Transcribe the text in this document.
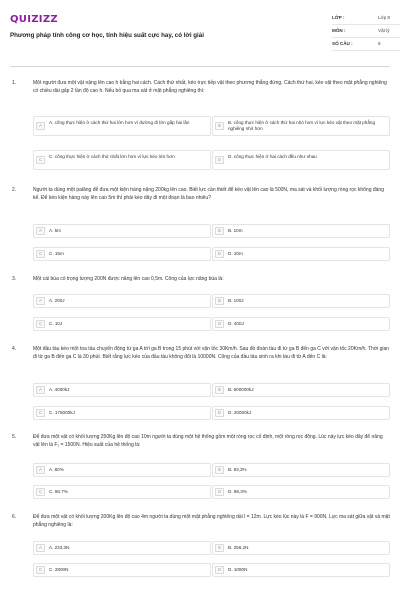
QUIZIZZ
Phương pháp tính công cơ học, tính hiệu suất cực hay, có lời giải
LỚP :	Lớp 8
MÔN :	Vật lý
SỐ CÂU :	6
1.	Một người đưa một vật nặng lên cao h bằng hai cách. Cách thứ nhất, kéo trực tiếp vật theo phương thẳng đứng. Cách thứ hai, kéo vật theo mặt phẳng nghiêng có chiều dài gấp 2 lần độ cao h. Nếu bỏ qua ma sát ở mặt phẳng nghiêng thì:
A
A. công thực hiện ở cách thứ hai lớn hơn vì đường đi lớn gấp hai lần
B
B. công thực hiện ở cách thứ hai nhỏ hơn vì lực kéo vật theo mặt phẳng nghiêng nhỏ hơn
C
C. công thực hiện ở cách thứ nhất lớn hơn vì lực kéo lớn hơn
D
D. công thực hiện ở hai cách đều như nhau
2.	Người ta dùng một palăng để đưa một kiện hàng nặng 200kg lên cao. Biết lực cần thiết để kéo vật lên cao là 500N, ma sát và khối lượng ròng rọc không đáng kể. Để kéo kiện hàng này lên cao 5m thì phải kéo dây đi một đoạn là bao nhiêu?
A	A. 5m	B	B. 10m
C	C. 15m	D	D. 20m
3.	Một cái búa có trọng lượng 200N được nâng lên cao 0,5m. Công của lực nâng búa là:
A	A. 200J	B	B. 100J
C	C. 10J	D	D. 400J
4.	Một đầu tàu kéo một toa tàu chuyển động từ ga A tới ga B trong 15 phút với vận tốc 30Km/h. Sau đó đoàn tàu đi từ ga B đến ga C với vận tốc 20Km/h. Thời gian đi từ ga B đến ga C là 30 phút. Biết rằng lực kéo của đầu tàu không đổi là 10000N. Công của đầu tàu sinh ra khi tàu đi từ A đến C là:
A	A. 4000kJ	B	B. 600000kJ
C	C. 175000kJ	D	D. 20000kJ
5.	Để đưa một vật có khối lượng 250Kg lên độ cao 10m người ta dùng một hệ thống gồm một ròng rọc cố định, một ròng rọc động. Lúc này lực kéo dây để nâng vật lên là F₁ = 1500N. Hiệu suất của hệ thống là:
A	A. 80%	B	B. 83,3%
C	C. 86,7%	D	D. 88,3%
6.	Để đưa một vật có khối lượng 200Kg lên độ cao 4m người ta dùng một mặt phẳng nghiêng dài l = 12m. Lực kéo lúc này là F = 900N. Lực ma sát giữa vật và mặt phẳng nghiêng là:
A	A. 233,3N	B	B. 256,2N
C	C. 2800N	D	D. 1080N
